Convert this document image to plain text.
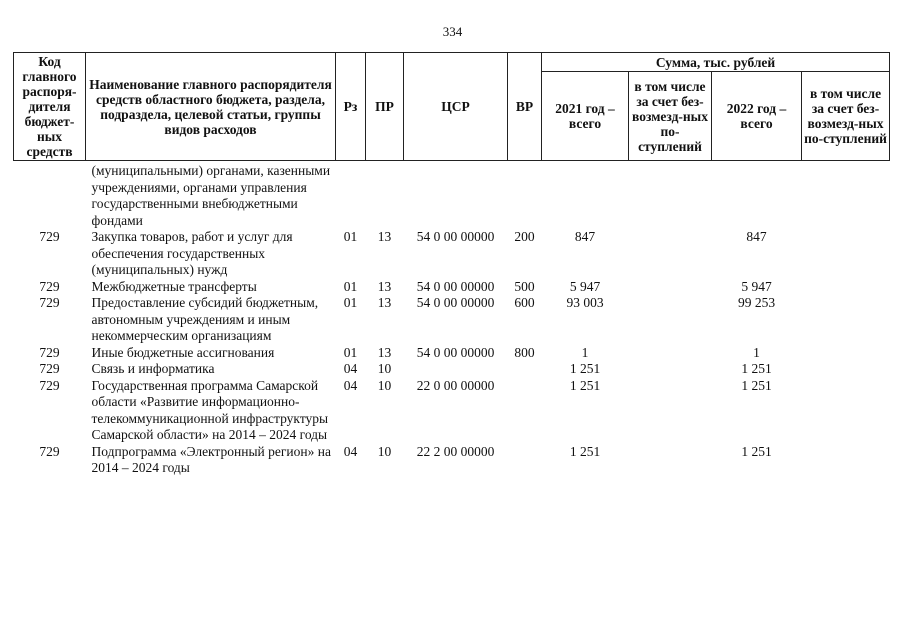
334
Код главного распоря-дителя бюджет-ных средств	Наименование главного распорядителя средств областного бюджета, раздела, подраздела, целевой статьи, группы видов расходов	Рз	ПР	ЦСР	ВР	Сумма, тыс. рублей			
						2021 год – всего	в том числе за счет без-возмезд-ных по-ступлений	2022 год – всего	в том числе за счет без-возмезд-ных по-ступлений
	(муниципальными) органами, казенными учреждениями, органами управления государственными внебюджетными фондами								
729	Закупка товаров, работ и услуг для обеспечения государственных (муниципальных) нужд	01	13	54 0 00 00000	200	847		847	
729	Межбюджетные трансферты	01	13	54 0 00 00000	500	5 947		5 947	
729	Предоставление субсидий бюджетным, автономным учреждениям и иным некоммерческим организациям	01	13	54 0 00 00000	600	93 003		99 253	
729	Иные бюджетные ассигнования	01	13	54 0 00 00000	800	1		1	
729	Связь и информатика	04	10			1 251		1 251	
729	Государственная программа Самарской области «Развитие информационно-телекоммуникационной инфраструктуры Самарской области» на 2014 – 2024 годы	04	10	22 0 00 00000		1 251		1 251	
729	Подпрограмма «Электронный регион» на 2014 – 2024 годы	04	10	22 2 00 00000		1 251		1 251	
